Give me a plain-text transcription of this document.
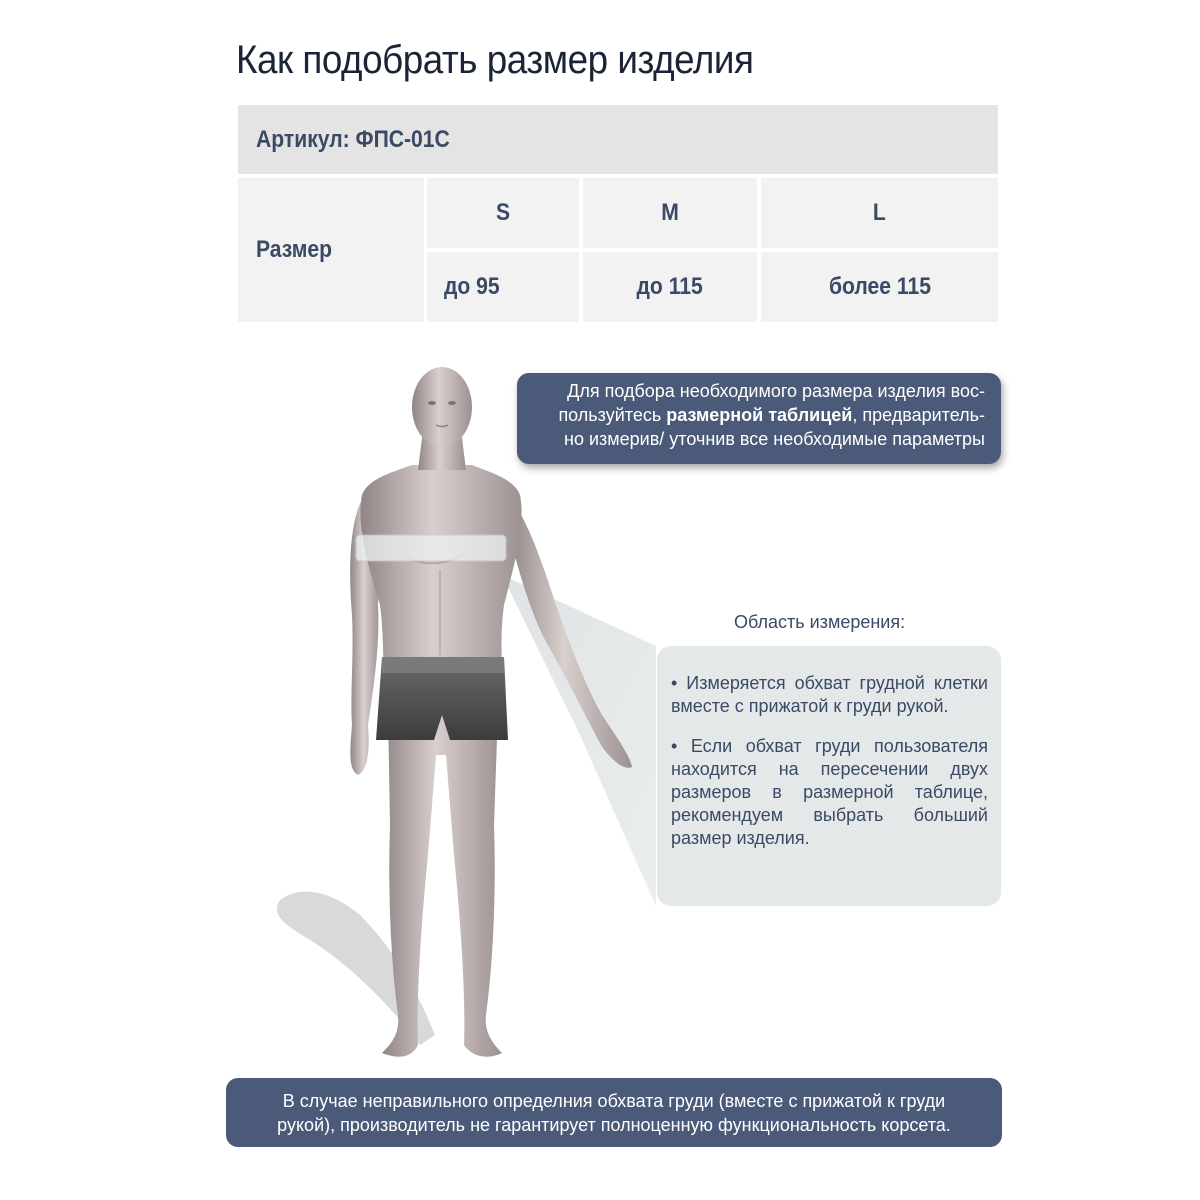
Как подобрать размер изделия
Артикул: ФПС-01С
Размер
S	M	L
до 95	до 115	более 115
Для подбора необходимого размера изделия вос-
пользуйтесь размерной таблицей, предваритель-
но измерив/ уточнив все необходимые параметры
Область измерения:

• Измеряется обхват грудной клетки вместе с прижатой к груди рукой.

• Если обхват груди пользователя находится на пересечении двух размеров в размерной таблице, рекомендуем выбрать больший размер изделия.

В случае неправильного определния обхвата груди (вместе с прижатой к груди
рукой), производитель не гарантирует полноценную функциональность корсета.
